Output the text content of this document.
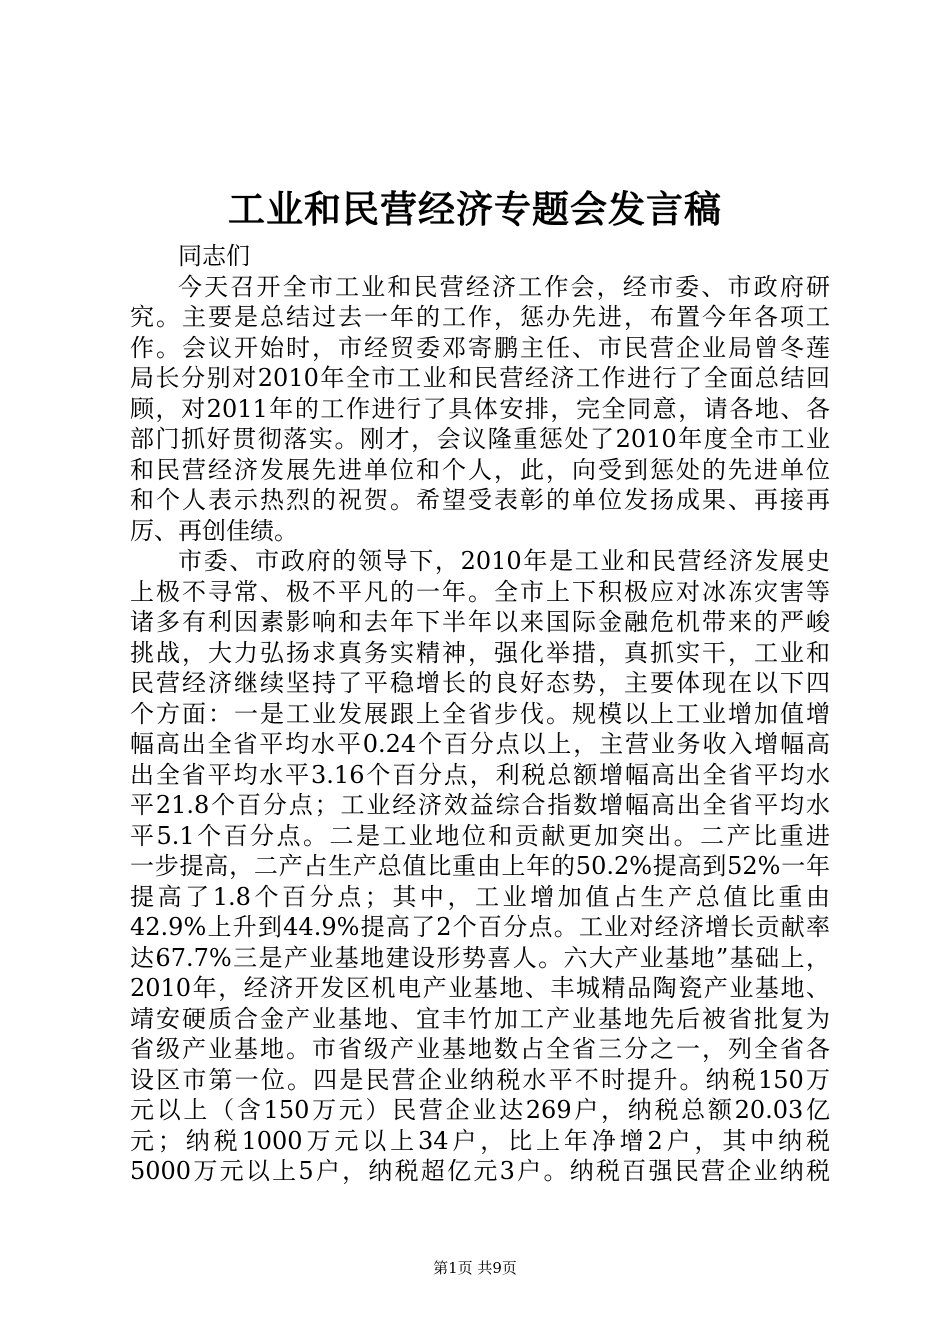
工业和民营经济专题会发言稿
同志们
今天召开全市工业和民营经济工作会，经市委、市政府研
究。主要是总结过去一年的工作，惩办先进，布置今年各项工
作。会议开始时，市经贸委邓寄鹏主任、市民营企业局曾冬莲
局长分别对2010年全市工业和民营经济工作进行了全面总结回
顾，对2011年的工作进行了具体安排，完全同意，请各地、各
部门抓好贯彻落实。刚才，会议隆重惩处了2010年度全市工业
和民营经济发展先进单位和个人，此，向受到惩处的先进单位
和个人表示热烈的祝贺。希望受表彰的单位发扬成果、再接再
厉、再创佳绩。
市委、市政府的领导下，2010年是工业和民营经济发展史
上极不寻常、极不平凡的一年。全市上下积极应对冰冻灾害等
诸多有利因素影响和去年下半年以来国际金融危机带来的严峻
挑战，大力弘扬求真务实精神，强化举措，真抓实干，工业和
民营经济继续坚持了平稳增长的良好态势，主要体现在以下四
个方面：一是工业发展跟上全省步伐。规模以上工业增加值增
幅高出全省平均水平0.24个百分点以上，主营业务收入增幅高
出全省平均水平3.16个百分点，利税总额增幅高出全省平均水
平21.8个百分点；工业经济效益综合指数增幅高出全省平均水
平5.1个百分点。二是工业地位和贡献更加突出。二产比重进
一步提高，二产占生产总值比重由上年的50.2%提高到52%一年
提高了1.8个百分点；其中，工业增加值占生产总值比重由
42.9%上升到44.9%提高了2个百分点。工业对经济增长贡献率
达67.7%三是产业基地建设形势喜人。六大产业基地”基础上，
2010年，经济开发区机电产业基地、丰城精品陶瓷产业基地、
靖安硬质合金产业基地、宜丰竹加工产业基地先后被省批复为
省级产业基地。市省级产业基地数占全省三分之一，列全省各
设区市第一位。四是民营企业纳税水平不时提升。纳税150万
元以上（含150万元）民营企业达269户，纳税总额20.03亿
元；纳税1000万元以上34户，比上年净增2户，其中纳税
5000万元以上5户，纳税超亿元3户。纳税百强民营企业纳税
第1页 共9页
